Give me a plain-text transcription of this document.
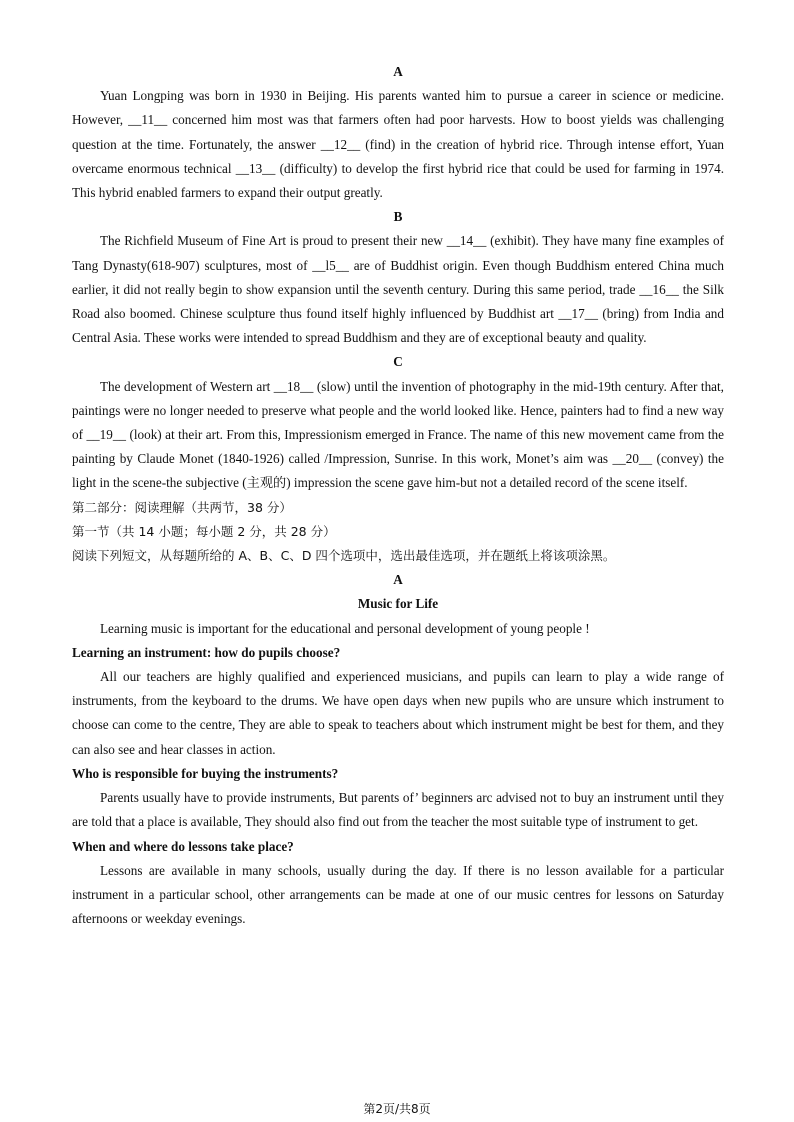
A

Yuan Longping was born in 1930 in Beijing. His parents wanted him to pursue a career in science or medicine. However, __11__ concerned him most was that farmers often had poor harvests. How to boost yields was challenging question at the time. Fortunately, the answer __12__ (find) in the creation of hybrid rice. Through intense effort, Yuan overcame enormous technical __13__ (difficulty) to develop the first hybrid rice that could be used for farming in 1974. This hybrid enabled farmers to expand their output greatly.

B

The Richfield Museum of Fine Art is proud to present their new __14__ (exhibit). They have many fine examples of Tang Dynasty(618-907) sculptures, most of __l5__ are of Buddhist origin. Even though Buddhism entered China much earlier, it did not really begin to show expansion until the seventh century. During this same period, trade __16__ the Silk Road also boomed. Chinese sculpture thus found itself highly influenced by Buddhist art __17__ (bring) from India and Central Asia. These works were intended to spread Buddhism and they are of exceptional beauty and quality.

C

The development of Western art __18__ (slow) until the invention of photography in the mid-19th century. After that, paintings were no longer needed to preserve what people and the world looked like. Hence, painters had to find a new way of __19__ (look) at their art. From this, Impressionism emerged in France. The name of this new movement came from the painting by Claude Monet (1840-1926) called /Impression, Sunrise. In this work, Monet’s aim was __20__ (convey) the light in the scene-the subjective (主观的) impression the scene gave him-but not a detailed record of the scene itself.

第二部分：阅读理解（共两节，38 分）

第一节（共 14 小题；每小题 2 分，共 28 分）

阅读下列短文，从每题所给的 A、B、C、D 四个选项中，选出最佳选项，并在题纸上将该项涂黑。

A

Music for Life

Learning music is important for the educational and personal development of young people !

Learning an instrument: how do pupils choose?

All our teachers are highly qualified and experienced musicians, and pupils can learn to play a wide range of instruments, from the keyboard to the drums. We have open days when new pupils who are unsure which instrument to choose can come to the centre, They are able to speak to teachers about which instrument might be best for them, and they can also see and hear classes in action.

Who is responsible for buying the instruments?

Parents usually have to provide instruments, But parents of’ beginners arc advised not to buy an instrument until they are told that a place is available, They should also find out from the teacher the most suitable type of instrument to get.

When and where do lessons take place?

Lessons are available in many schools, usually during the day. If there is no lesson available for a particular instrument in a particular school, other arrangements can be made at one of our music centres for lessons on Saturday afternoons or weekday evenings.

第2页/共8页
